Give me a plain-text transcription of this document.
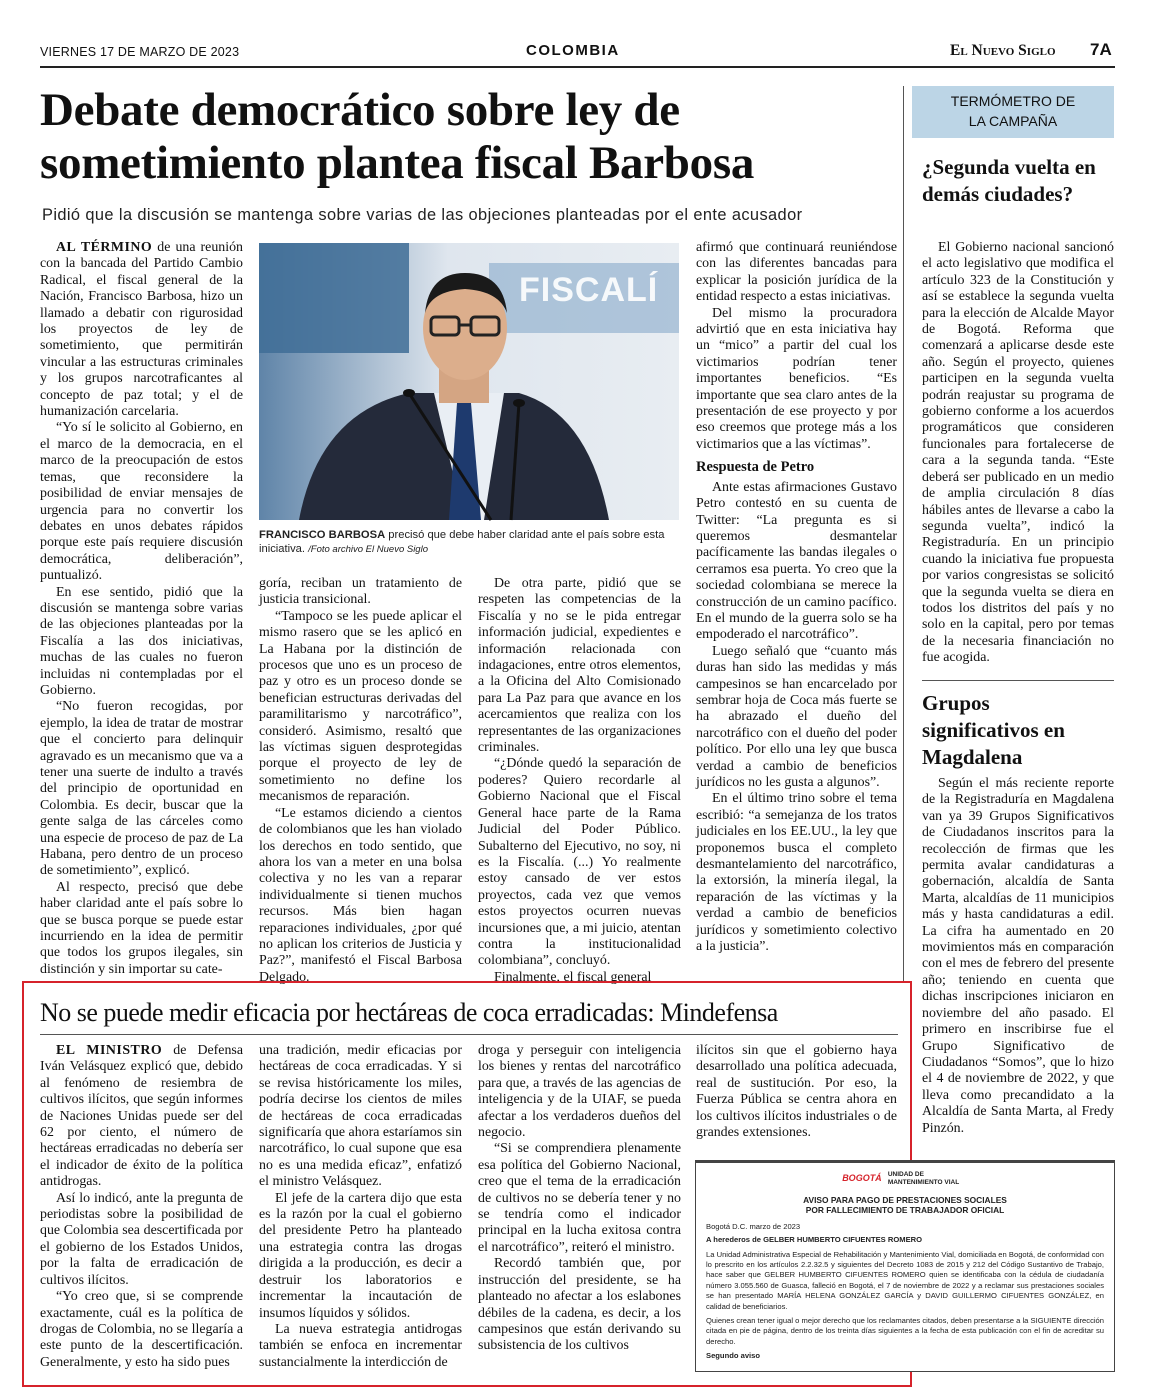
VIERNES 17 DE MARZO DE 2023	COLOMBIA	El Nuevo Siglo 7A
Debate democrático sobre ley de
sometimiento plantea fiscal Barbosa
Pidió que la discusión se mantenga sobre varias de las objeciones planteadas por el ente acusador

AL TÉRMINO de una reunión con la bancada del Partido Cambio Radical, el fiscal general de la Nación, Francisco Barbosa, hizo un llamado a debatir con rigurosidad los proyectos de ley de sometimiento, que permitirán vincular a las estructuras criminales y los grupos narcotraficantes al concepto de paz total; y el de humanización carcelaria.

“Yo sí le solicito al Gobierno, en el marco de la democracia, en el marco de la preocupación de estos temas, que reconsidere la posibilidad de enviar mensajes de urgencia para no convertir los debates en unos debates rápidos porque este país requiere discusión democrática, deliberación”, puntualizó.

En ese sentido, pidió que la discusión se mantenga sobre varias de las objeciones planteadas por la Fiscalía a las dos iniciativas, muchas de las cuales no fueron incluidas ni contempladas por el Gobierno.

“No fueron recogidas, por ejemplo, la idea de tratar de mostrar que el concierto para delinquir agravado es un mecanismo que va a tener una suerte de indulto a través del principio de oportunidad en Colombia. Es decir, buscar que la gente salga de las cárceles como una especie de proceso de paz de La Habana, pero dentro de un proceso de sometimiento”, explicó.

Al respecto, precisó que debe haber claridad ante el país sobre lo que se busca porque se puede estar incurriendo en la idea de permitir que todos los grupos ilegales, sin distinción y sin importar su cate-

FISCALÍ
FRANCISCO BARBOSA precisó que debe haber claridad ante el país sobre esta iniciativa. /Foto archivo El Nuevo Siglo

goría, reciban un tratamiento de justicia transicional.

“Tampoco se les puede aplicar el mismo rasero que se les aplicó en La Habana por la distinción de procesos que uno es un proceso de paz y otro es un proceso donde se benefician estructuras derivadas del paramilitarismo y narcotráfico”, consideró. Asimismo, resaltó que las víctimas siguen desprotegidas porque el proyecto de ley de sometimiento no define los mecanismos de reparación.

“Le estamos diciendo a cientos de colombianos que les han violado los derechos en todo sentido, que ahora los van a meter en una bolsa colectiva y no les van a reparar individualmente si tienen muchos recursos. Más bien hagan reparaciones individuales, ¿por qué no aplican los criterios de Justicia y Paz?”, manifestó el Fiscal Barbosa Delgado.

De otra parte, pidió que se respeten las competencias de la Fiscalía y no se le pida entregar información judicial, expedientes e información relacionada con indagaciones, entre otros elementos, a la Oficina del Alto Comisionado para La Paz para que avance en los acercamientos que realiza con los representantes de las organizaciones criminales.

“¿Dónde quedó la separación de poderes? Quiero recordarle al Gobierno Nacional que el Fiscal General hace parte de la Rama Judicial del Poder Público. Subalterno del Ejecutivo, no soy, ni es la Fiscalía. (...) Yo realmente estoy cansado de ver estos proyectos, cada vez que vemos estos proyectos ocurren nuevas incursiones que, a mi juicio, atentan contra la institucionalidad colombiana”, concluyó.

Finalmente, el fiscal general

afirmó que continuará reuniéndose con las diferentes bancadas para explicar la posición jurídica de la entidad respecto a estas iniciativas.

Del mismo la procuradora advirtió que en esta iniciativa hay un “mico” a partir del cual los victimarios podrían tener importantes beneficios. “Es importante que sea claro antes de la presentación de ese proyecto y por eso creemos que protege más a los victimarios que a las víctimas”.

Respuesta de Petro

Ante estas afirmaciones Gustavo Petro contestó en su cuenta de Twitter: “La pregunta es si queremos desmantelar pacíficamente las bandas ilegales o cerramos esa puerta. Yo creo que la sociedad colombiana se merece la construcción de un camino pacífico. En el mundo de la guerra solo se ha empoderado el narcotráfico”.

Luego señaló que “cuanto más duras han sido las medidas y más campesinos se han encarcelado por sembrar hoja de Coca más fuerte se ha abrazado el dueño del narcotráfico con el dueño del poder político. Por ello una ley que busca verdad a cambio de beneficios jurídicos no les gusta a algunos”.

En el último trino sobre el tema escribió: “a semejanza de los tratos judiciales en los EE.UU., la ley que proponemos busca el completo desmantelamiento del narcotráfico, la extorsión, la minería ilegal, la reparación de las víctimas y la verdad a cambio de beneficios jurídicos y sometimiento colectivo a la justicia”.

TERMÓMETRO DE LA CAMPAÑA
¿Segunda vuelta en demás ciudades?

El Gobierno nacional sancionó el acto legislativo que modifica el artículo 323 de la Constitución y así se establece la segunda vuelta para la elección de Alcalde Mayor de Bogotá. Reforma que comenzará a aplicarse desde este año. Según el proyecto, quienes participen en la segunda vuelta podrán reajustar su programa de gobierno conforme a los acuerdos programáticos que consideren funcionales para fortalecerse de cara a la segunda tanda. “Este deberá ser publicado en un medio de amplia circulación 8 días hábiles antes de llevarse a cabo la segunda vuelta”, indicó la Registraduría. En un principio cuando la iniciativa fue propuesta por varios congresistas se solicitó que la segunda vuelta se diera en todos los distritos del país y no solo en la capital, pero por temas de la necesaria financiación no fue acogida.

Grupos significativos en Magdalena

Según el más reciente reporte de la Registraduría en Magdalena van ya 39 Grupos Significativos de Ciudadanos inscritos para la recolección de firmas que les permita avalar candidaturas a gobernación, alcaldía de Santa Marta, alcaldías de 11 municipios más y hasta candidaturas a edil. La cifra ha aumentado en 20 movimientos más en comparación con el mes de febrero del presente año; teniendo en cuenta que dichas inscripciones iniciaron en noviembre del año pasado. El primero en inscribirse fue el Grupo Significativo de Ciudadanos “Somos”, que lo hizo el 4 de noviembre de 2022, y que lleva como precandidato a la Alcaldía de Santa Marta, al Fredy Pinzón.

No se puede medir eficacia por hectáreas de coca erradicadas: Mindefensa

EL MINISTRO de Defensa Iván Velásquez explicó que, debido al fenómeno de resiembra de cultivos ilícitos, que según informes de Naciones Unidas puede ser del 62 por ciento, el número de hectáreas erradicadas no debería ser el indicador de éxito de la política antidrogas.

Así lo indicó, ante la pregunta de periodistas sobre la posibilidad de que Colombia sea descertificada por el gobierno de los Estados Unidos, por la falta de erradicación de cultivos ilícitos.

“Yo creo que, si se comprende exactamente, cuál es la política de drogas de Colombia, no se llegaría a este punto de la descertificación. Generalmente, y esto ha sido pues

una tradición, medir eficacias por hectáreas de coca erradicadas. Y si se revisa históricamente los miles, podría decirse los cientos de miles de hectáreas de coca erradicadas significaría que ahora estaríamos sin narcotráfico, lo cual supone que esa no es una medida eficaz”, enfatizó el ministro Velásquez.

El jefe de la cartera dijo que esta es la razón por la cual el gobierno del presidente Petro ha planteado una estrategia contra las drogas dirigida a la producción, es decir a destruir los laboratorios e incrementar la incautación de insumos líquidos y sólidos.

La nueva estrategia antidrogas también se enfoca en incrementar sustancialmente la interdicción de

droga y perseguir con inteligencia los bienes y rentas del narcotráfico para que, a través de las agencias de inteligencia y de la UIAF, se pueda afectar a los verdaderos dueños del negocio.

“Si se comprendiera plenamente esa política del Gobierno Nacional, creo que el tema de la erradicación de cultivos no se debería tener y no se tendría como el indicador principal en la lucha exitosa contra el narcotráfico”, reiteró el ministro.

Recordó también que, por instrucción del presidente, se ha planteado no afectar a los eslabones débiles de la cadena, es decir, a los campesinos que están derivando su subsistencia de los cultivos

ilícitos sin que el gobierno haya desarrollado una política adecuada, real de sustitución. Por eso, la Fuerza Pública se centra ahora en los cultivos ilícitos industriales o de grandes extensiones.

BOGOTÁ UNIDAD DE MANTENIMIENTO VIAL
AVISO PARA PAGO DE PRESTACIONES SOCIALES
POR FALLECIMIENTO DE TRABAJADOR OFICIAL
Bogotá D.C. marzo de 2023
A herederos de GELBER HUMBERTO CIFUENTES ROMERO
La Unidad Administrativa Especial de Rehabilitación y Mantenimiento Vial, domiciliada en Bogotá, de conformidad con lo prescrito en los artículos 2.2.32.5 y siguientes del Decreto 1083 de 2015 y 212 del Código Sustantivo de Trabajo, hace saber que GELBER HUMBERTO CIFUENTES ROMERO quien se identificaba con la cédula de ciudadanía número 3.055.560 de Guasca, falleció en Bogotá, el 7 de noviembre de 2022 y a reclamar sus prestaciones sociales se han presentado MARÍA HELENA GONZÁLEZ GARCÍA y DAVID GUILLERMO CIFUENTES GONZÁLEZ, en calidad de beneficiarios.
Quienes crean tener igual o mejor derecho que los reclamantes citados, deben presentarse a la SIGUIENTE dirección citada en pie de página, dentro de los treinta días siguientes a la fecha de esta publicación con el fin de acreditar su derecho.
Segundo aviso
